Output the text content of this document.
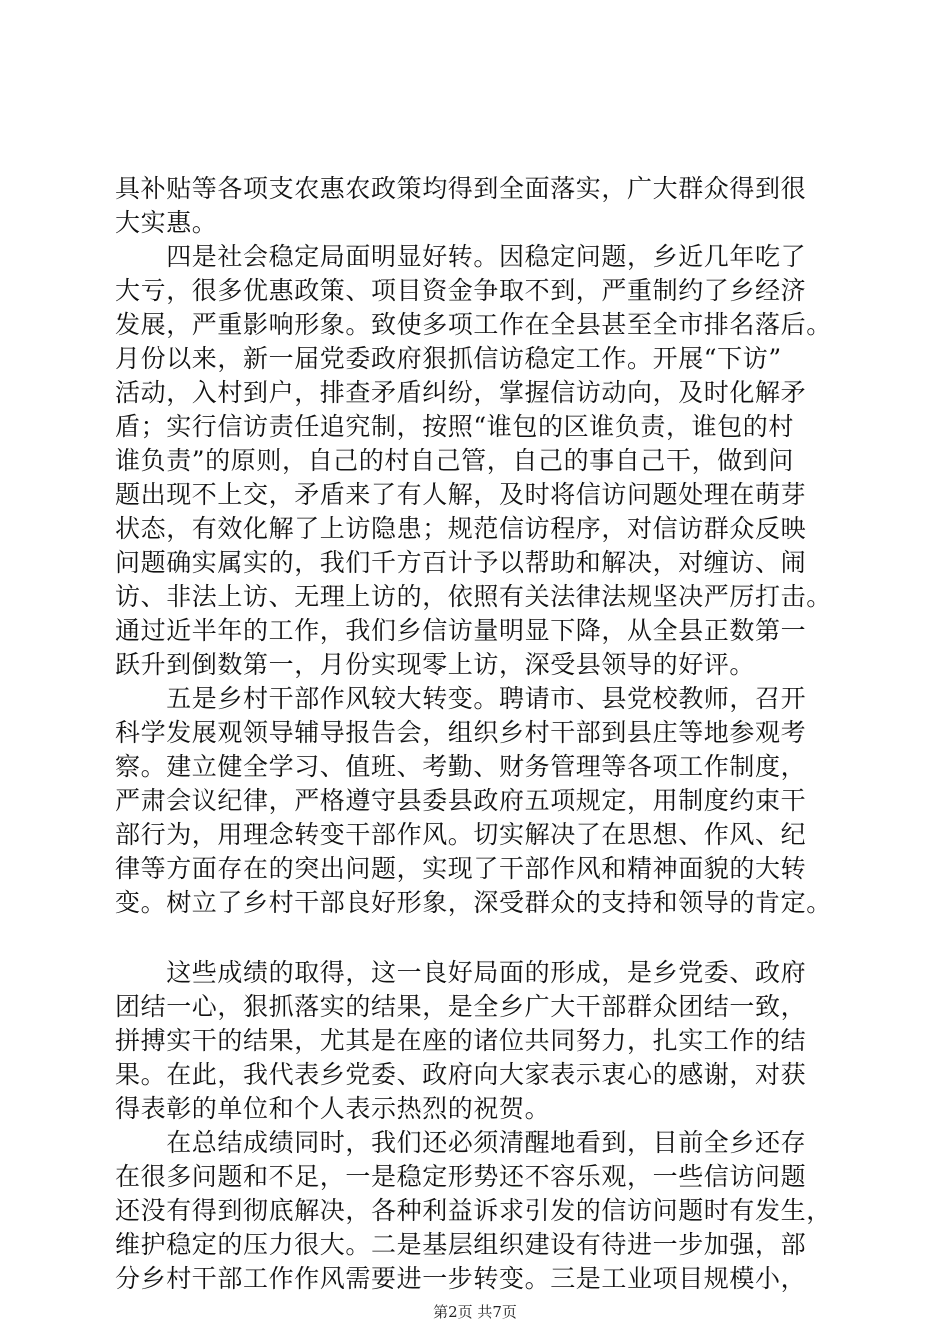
具补贴等各项支农惠农政策均得到全面落实，广大群众得到很
大实惠。
　　四是社会稳定局面明显好转。因稳定问题，乡近几年吃了
大亏，很多优惠政策、项目资金争取不到，严重制约了乡经济
发展，严重影响形象。致使多项工作在全县甚至全市排名落后。
月份以来，新一届党委政府狠抓信访稳定工作。开展“下访”
活动，入村到户，排查矛盾纠纷，掌握信访动向，及时化解矛
盾；实行信访责任追究制，按照“谁包的区谁负责，谁包的村
谁负责”的原则，自己的村自己管，自己的事自己干，做到问
题出现不上交，矛盾来了有人解，及时将信访问题处理在萌芽
状态，有效化解了上访隐患；规范信访程序，对信访群众反映
问题确实属实的，我们千方百计予以帮助和解决，对缠访、闹
访、非法上访、无理上访的，依照有关法律法规坚决严厉打击。
通过近半年的工作，我们乡信访量明显下降，从全县正数第一
跃升到倒数第一，月份实现零上访，深受县领导的好评。
　　五是乡村干部作风较大转变。聘请市、县党校教师，召开
科学发展观领导辅导报告会，组织乡村干部到县庄等地参观考
察。建立健全学习、值班、考勤、财务管理等各项工作制度，
严肃会议纪律，严格遵守县委县政府五项规定，用制度约束干
部行为，用理念转变干部作风。切实解决了在思想、作风、纪
律等方面存在的突出问题，实现了干部作风和精神面貌的大转
变。树立了乡村干部良好形象，深受群众的支持和领导的肯定。
　　这些成绩的取得，这一良好局面的形成，是乡党委、政府
团结一心，狠抓落实的结果，是全乡广大干部群众团结一致，
拼搏实干的结果，尤其是在座的诸位共同努力，扎实工作的结
果。在此，我代表乡党委、政府向大家表示衷心的感谢，对获
得表彰的单位和个人表示热烈的祝贺。
　　在总结成绩同时，我们还必须清醒地看到，目前全乡还存
在很多问题和不足，一是稳定形势还不容乐观，一些信访问题
还没有得到彻底解决，各种利益诉求引发的信访问题时有发生，
维护稳定的压力很大。二是基层组织建设有待进一步加强，部
分乡村干部工作作风需要进一步转变。三是工业项目规模小，
第2页 共7页
